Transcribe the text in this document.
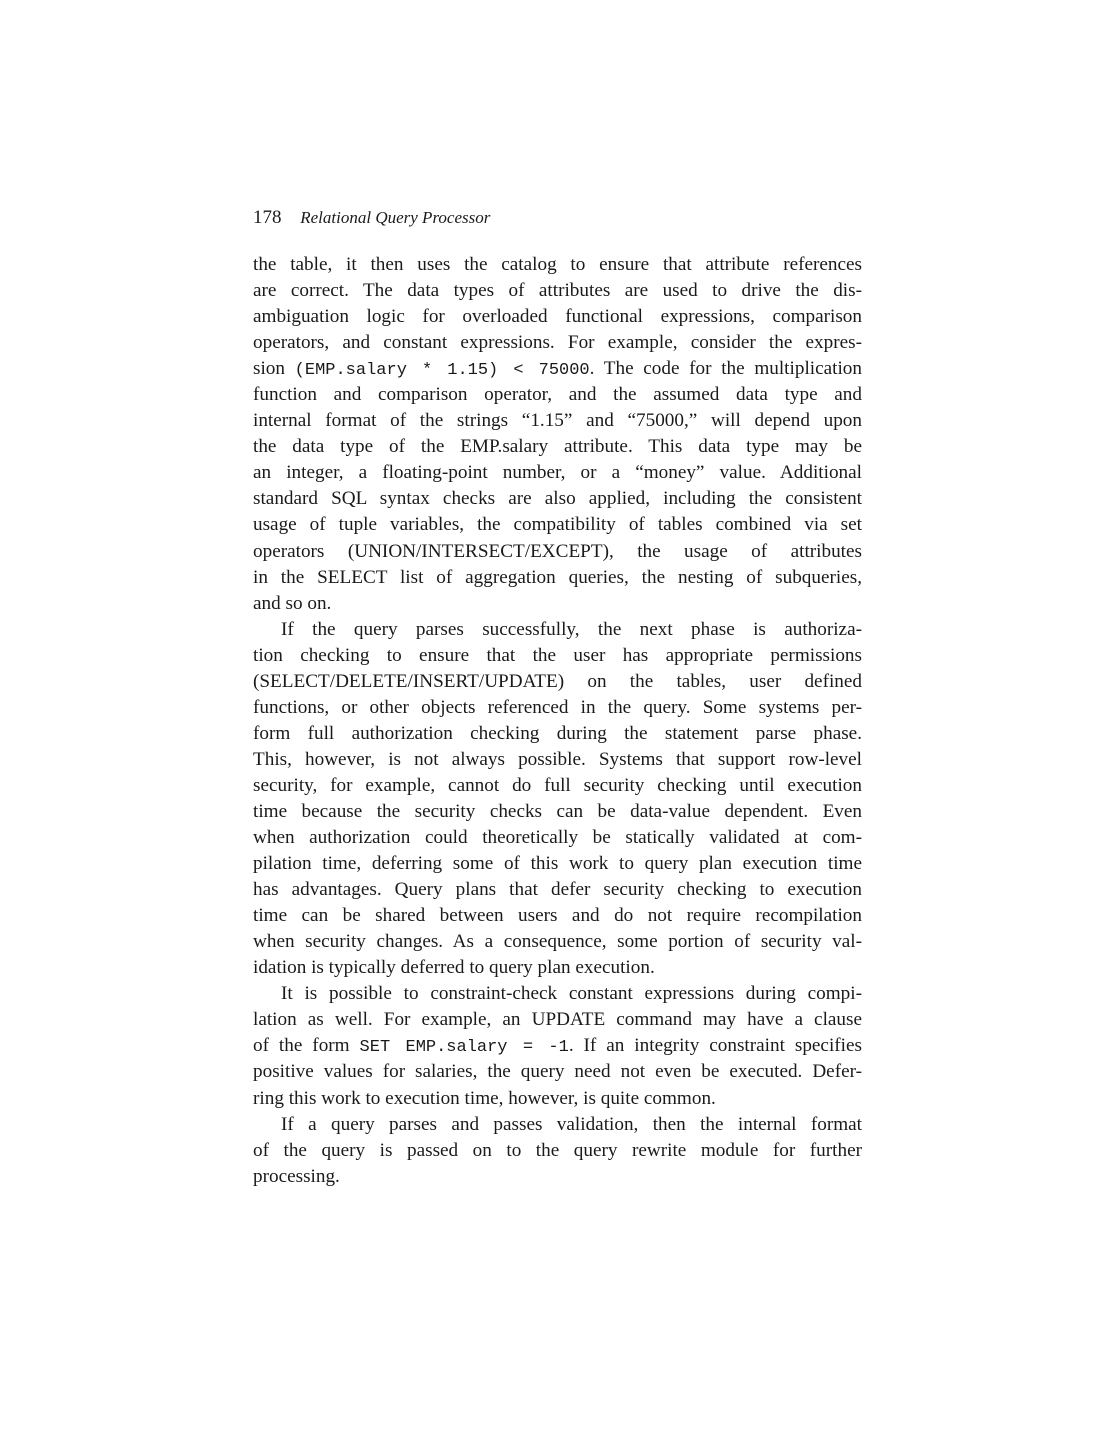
178 Relational Query Processor
the table, it then uses the catalog to ensure that attribute references
are correct. The data types of attributes are used to drive the dis-
ambiguation logic for overloaded functional expressions, comparison
operators, and constant expressions. For example, consider the expres-
sion (EMP.salary * 1.15) < 75000. The code for the multiplication
function and comparison operator, and the assumed data type and
internal format of the strings “1.15” and “75000,” will depend upon
the data type of the EMP.salary attribute. This data type may be
an integer, a floating-point number, or a “money” value. Additional
standard SQL syntax checks are also applied, including the consistent
usage of tuple variables, the compatibility of tables combined via set
operators (UNION/INTERSECT/EXCEPT), the usage of attributes
in the SELECT list of aggregation queries, the nesting of subqueries,
and so on.
If the query parses successfully, the next phase is authoriza-
tion checking to ensure that the user has appropriate permissions
(SELECT/DELETE/INSERT/UPDATE) on the tables, user defined
functions, or other objects referenced in the query. Some systems per-
form full authorization checking during the statement parse phase.
This, however, is not always possible. Systems that support row-level
security, for example, cannot do full security checking until execution
time because the security checks can be data-value dependent. Even
when authorization could theoretically be statically validated at com-
pilation time, deferring some of this work to query plan execution time
has advantages. Query plans that defer security checking to execution
time can be shared between users and do not require recompilation
when security changes. As a consequence, some portion of security val-
idation is typically deferred to query plan execution.
It is possible to constraint-check constant expressions during compi-
lation as well. For example, an UPDATE command may have a clause
of the form SET EMP.salary = -1. If an integrity constraint specifies
positive values for salaries, the query need not even be executed. Defer-
ring this work to execution time, however, is quite common.
If a query parses and passes validation, then the internal format
of the query is passed on to the query rewrite module for further
processing.
